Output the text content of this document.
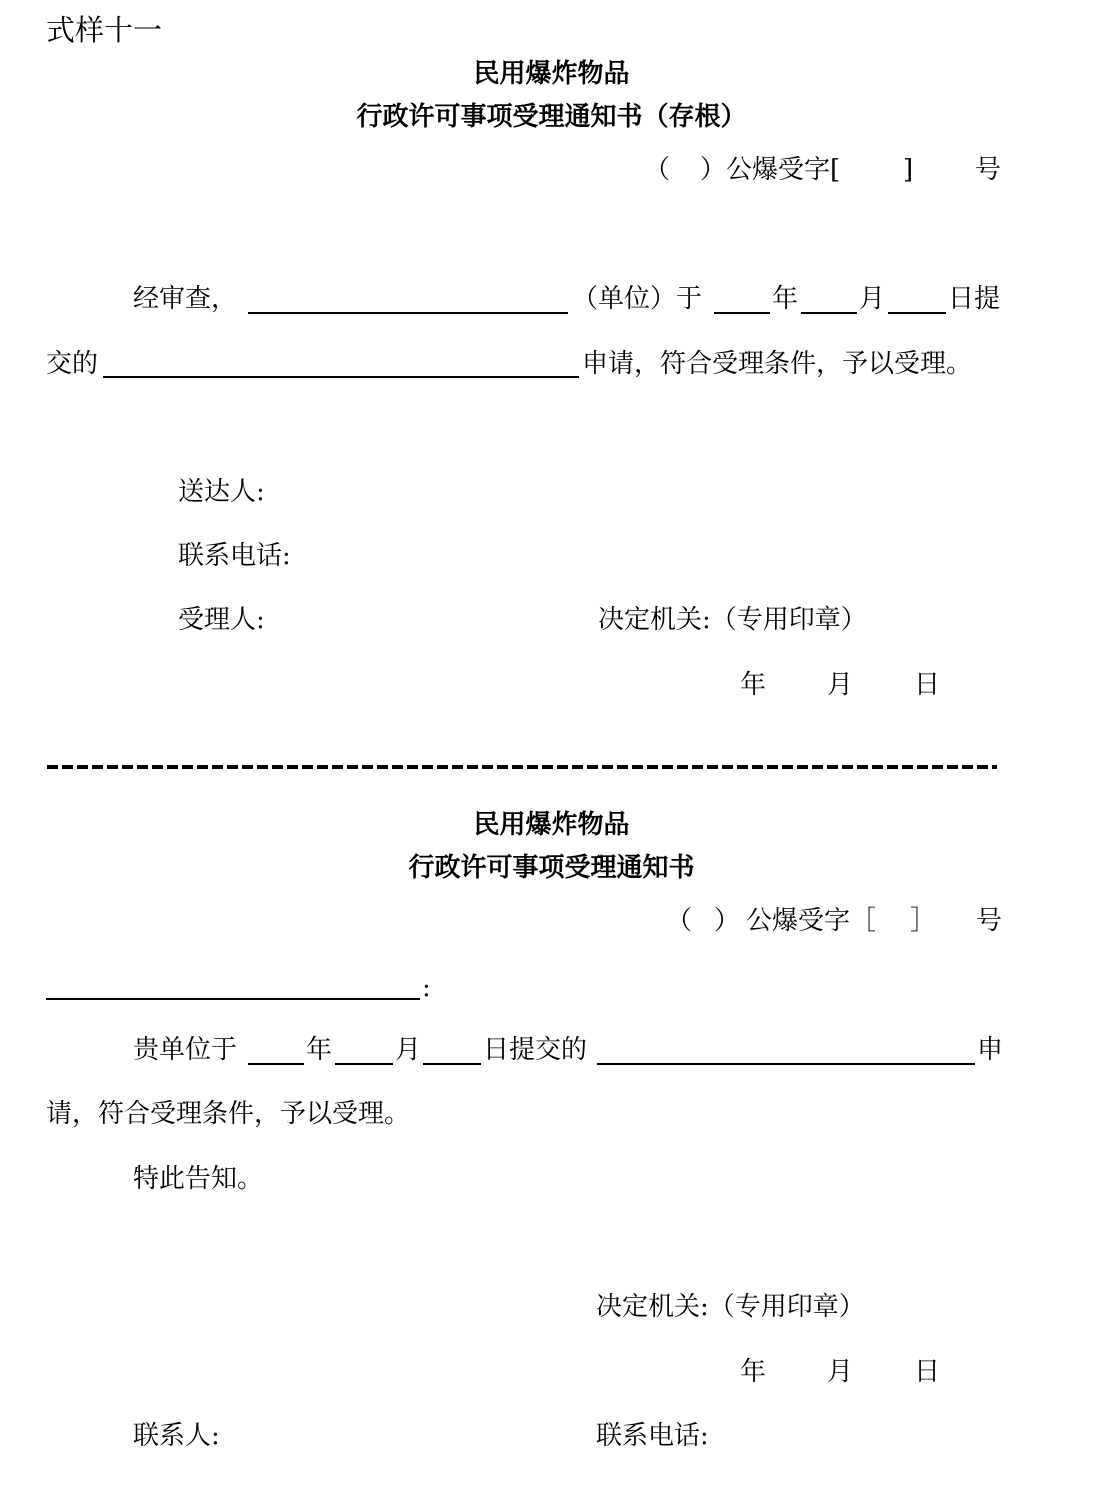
式样十一
民用爆炸物品
行政许可事项受理通知书（存根）
（ ） 公爆受字[ ] 号
经审查，	（单位）于	年 月 日提
交的	申请，符合受理条件，予以受理。
送达人:
联系电话:
受理人:	决定机关:（专用印章）
年 月 日
民用爆炸物品
行政许可事项受理通知书
（ ） 公爆受字［ ］ 号
:
贵单位于	年 月 日提交的	申
请，符合受理条件，予以受理。
特此告知。
决定机关:（专用印章）
年 月 日
联系人:	联系电话:
